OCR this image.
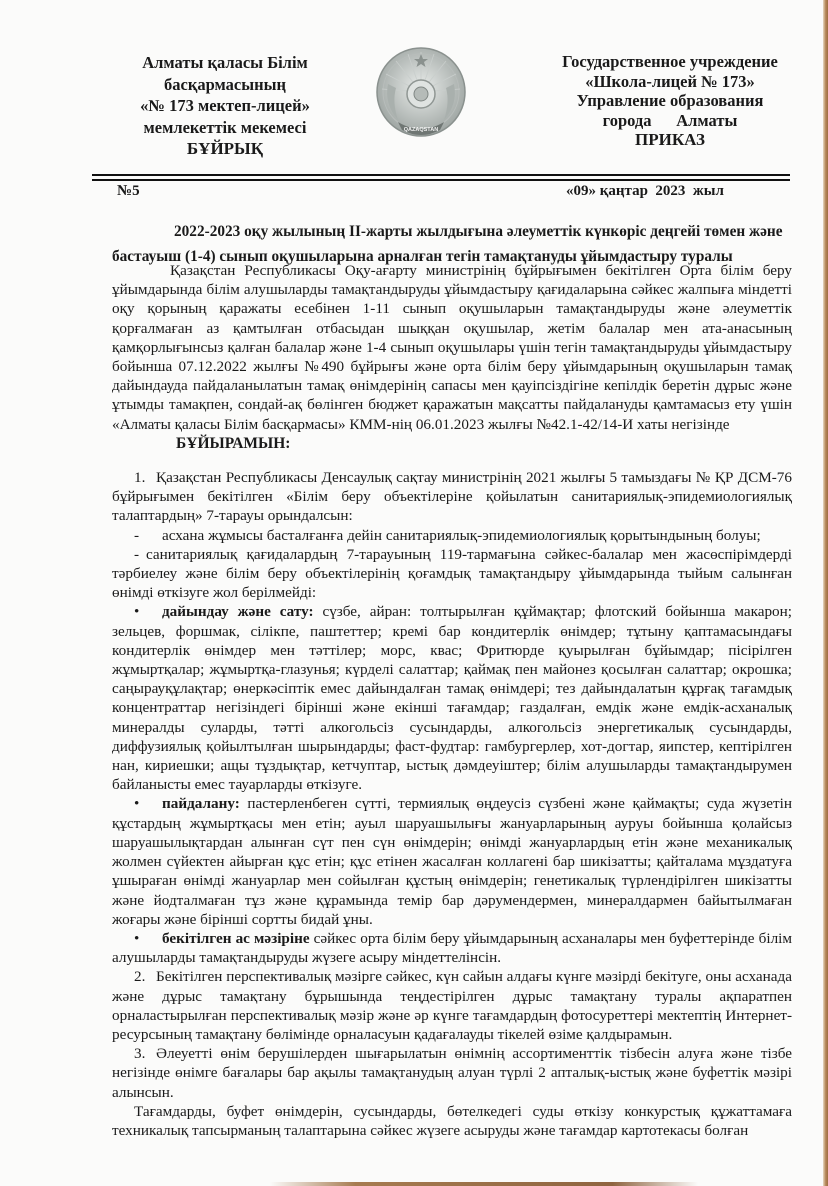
Алматы қаласы Білім
басқармасының
«№ 173 мектеп-лицей»
мемлекеттік мекемесі
БҰЙРЫҚ
QAZAQSTAN
Государственное учреждение
«Школа-лицей № 173»
Управление образования
города      Алматы
ПРИКАЗ
№5	«09» қаңтар  2023  жыл
2022-2023 оқу жылының ІІ-жарты жылдығына әлеуметтік күнкөріс деңгейі төмен және
бастауыш (1-4) сынып оқушыларына арналған тегін тамақтануды ұйымдастыру туралы

Қазақстан Республикасы Оқу-ағарту министрінің бұйрығымен бекітілген Орта білім беру ұйымдарында білім алушыларды тамақтандыруды ұйымдастыру қағидаларына сәйкес жалпыға міндетті оқу қорының қаражаты есебінен 1-11 сынып оқушыларын тамақтандыруды және әлеуметтік қорғалмаған аз қамтылған отбасыдан шыққан оқушылар, жетім балалар мен ата-анасының қамқорлығынсыз қалған балалар және 1-4 сынып оқушылары үшін тегін тамақтандыруды ұйымдастыру бойынша 07.12.2022 жылғы №490 бұйрығы және орта білім беру ұйымдарының оқушыларын тамақ дайындауда пайдаланылатын тамақ өнімдерінің сапасы мен қауіпсіздігіне кепілдік беретін дұрыс және ұтымды тамақпен, сондай-ақ бөлінген бюджет қаражатын мақсатты пайдалануды қамтамасыз ету үшін «Алматы қаласы Білім басқармасы» КММ-нің 06.01.2023 жылғы №42.1-42/14-И хаты негізінде

БҰЙЫРАМЫН:

1. Қазақстан Республикасы Денсаулық сақтау министрінің 2021 жылғы 5 тамыздағы № ҚР ДСМ-76 бұйрығымен бекітілген «Білім беру объектілеріне қойылатын санитариялық-эпидемиологиялық талаптардың» 7-тарауы орындалсын:

- асхана жұмысы басталғанға дейін санитариялық-эпидемиологиялық қорытындының болуы;

- санитариялық қағидалардың 7-тарауының 119-тармағына сәйкес-балалар мен жасөспірімдерді тәрбиелеу және білім беру объектілерінің қоғамдық тамақтандыру ұйымдарында тыйым салынған өнімді өткізуге жол берілмейді:

• дайындау және сату: сүзбе, айран: толтырылған құймақтар; флотский бойынша макарон; зельцев, форшмак, сілікпе, паштеттер; кремі бар кондитерлік өнімдер; тұтыну қаптамасындағы кондитерлік өнімдер мен тәттілер; морс, квас; Фритюрде қуырылған бұйымдар; пісірілген жұмыртқалар; жұмыртқа-глазунья; күрделі салаттар; қаймақ пен майонез қосылған салаттар; окрошка; саңырауқұлақтар; өнеркәсіптік емес дайындалған тамақ өнімдері; тез дайындалатын құрғақ тағамдық концентраттар негізіндегі бірінші және екінші тағамдар; газдалған, емдік және емдік-асханалық минералды суларды, тәтті алкогольсіз сусындарды, алкогольсіз энергетикалық сусындарды, диффузиялық қойылтылған шырындарды; фаст-фудтар: гамбургерлер, хот-догтар, яипстер, кептірілген нан, кириешки; ащы тұздықтар, кетчуптар, ыстық дәмдеуіштер; білім алушыларды тамақтандырумен байланысты емес тауарларды өткізуге.

• пайдалану: пастерленбеген сүтті, термиялық өңдеусіз сүзбені және қаймақты; суда жүзетін құстардың жұмыртқасы мен етін; ауыл шаруашылығы жануарларының ауруы бойынша қолайсыз шаруашылықтардан алынған сүт пен сүн өнімдерін; өнімді жануарлардың етін және механикалық жолмен сүйектен айырған құс етін; құс етінен жасалған коллагені бар шикізатты; қайталама мұздатуға ұшыраған өнімді жануарлар мен сойылған құстың өнімдерін; генетикалық түрлендірілген шикізатты және йодталмаған тұз және құрамында темір бар дәрумендермен, минералдармен байытылмаған жоғары және бірінші сортты бидай ұны.

• бекітілген ас мәзіріне сәйкес орта білім беру ұйымдарының асханалары мен буфеттерінде білім алушыларды тамақтандыруды жүзеге асыру міндеттелінсін.

2. Бекітілген перспективалық мәзірге сәйкес, күн сайын алдағы күнге мәзірді бекітуге, оны асханада және дұрыс тамақтану бұрышында теңдестірілген дұрыс тамақтану туралы ақпаратпен орналастырылған перспективалық мәзір және әр күнге тағамдардың фотосуреттері мектептің Интернет-ресурсының тамақтану бөлімінде орналасуын қадағалауды тікелей өзіме қалдырамын.

3. Әлеуетті өнім берушілерден шығарылатын өнімнің ассортименттік тізбесін алуға және тізбе негізінде өнімге бағалары бар ақылы тамақтанудың алуан түрлі 2 апталық-ыстық және буфеттік мәзірі алынсын.

Тағамдарды, буфет өнімдерін, сусындарды, бөтелкедегі суды өткізу конкурстық құжаттамаға техникалық тапсырманың талаптарына сәйкес жүзеге асыруды және тағамдар картотекасы болған
